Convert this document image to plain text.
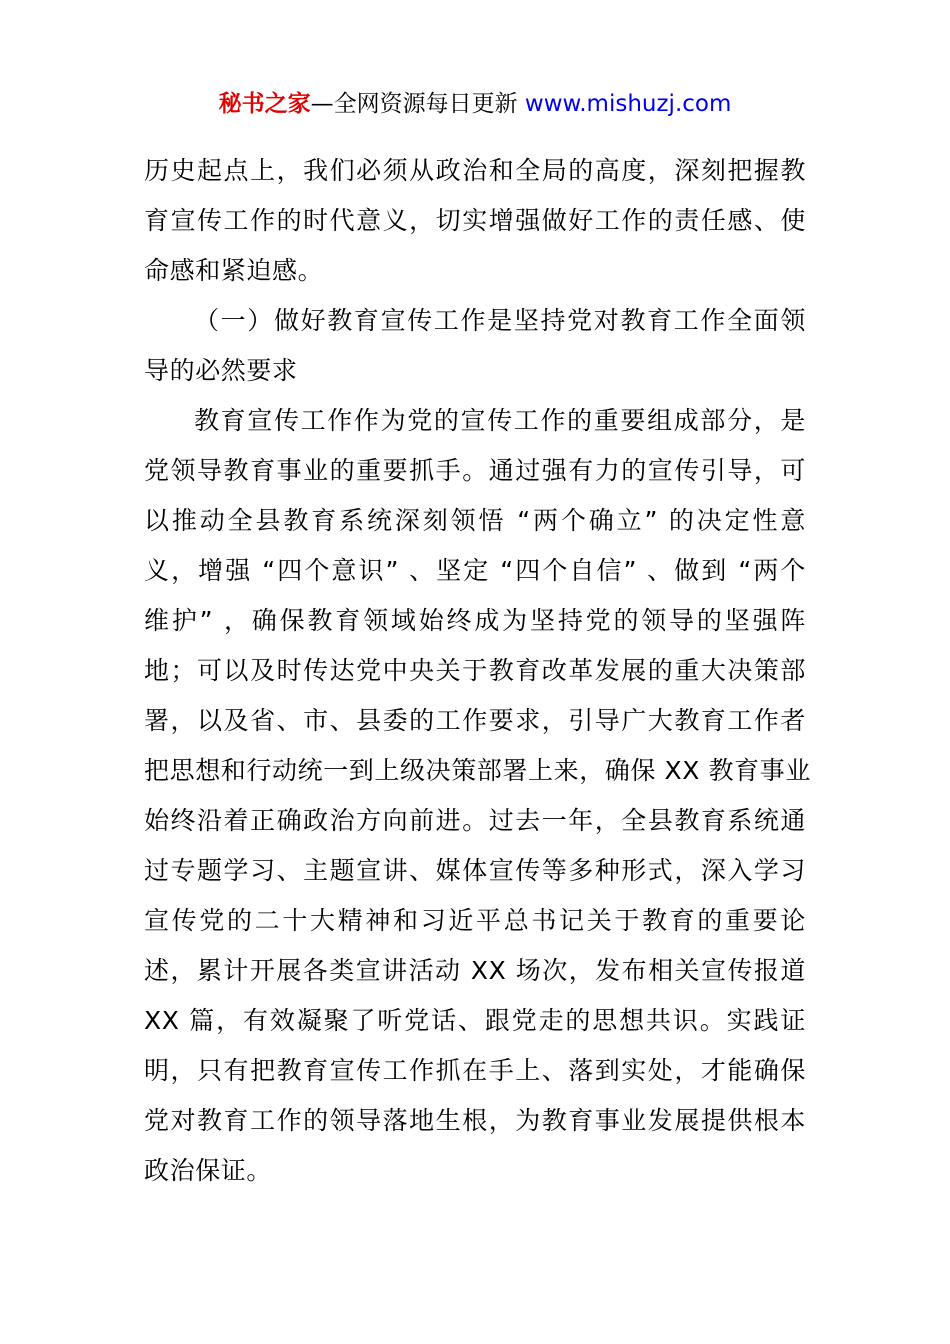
秘书之家—全网资源每日更新 www.mishuzj.com
历史起点上，我们必须从政治和全局的高度，深刻把握教
育宣传工作的时代意义，切实增强做好工作的责任感、使
命感和紧迫感。
（一）做好教育宣传工作是坚持党对教育工作全面领
导的必然要求
教育宣传工作作为党的宣传工作的重要组成部分，是
党领导教育事业的重要抓手。通过强有力的宣传引导，可
以推动全县教育系统深刻领悟 “两个确立” 的决定性意
义，增强 “四个意识” 、坚定 “四个自信” 、做到 “两个
维护” ，确保教育领域始终成为坚持党的领导的坚强阵
地；可以及时传达党中央关于教育改革发展的重大决策部
署，以及省、市、县委的工作要求，引导广大教育工作者
把思想和行动统一到上级决策部署上来，确保 XX 教育事业
始终沿着正确政治方向前进。过去一年，全县教育系统通
过专题学习、主题宣讲、媒体宣传等多种形式，深入学习
宣传党的二十大精神和习近平总书记关于教育的重要论
述，累计开展各类宣讲活动 XX 场次，发布相关宣传报道
XX 篇，有效凝聚了听党话、跟党走的思想共识。实践证
明，只有把教育宣传工作抓在手上、落到实处，才能确保
党对教育工作的领导落地生根，为教育事业发展提供根本
政治保证。
